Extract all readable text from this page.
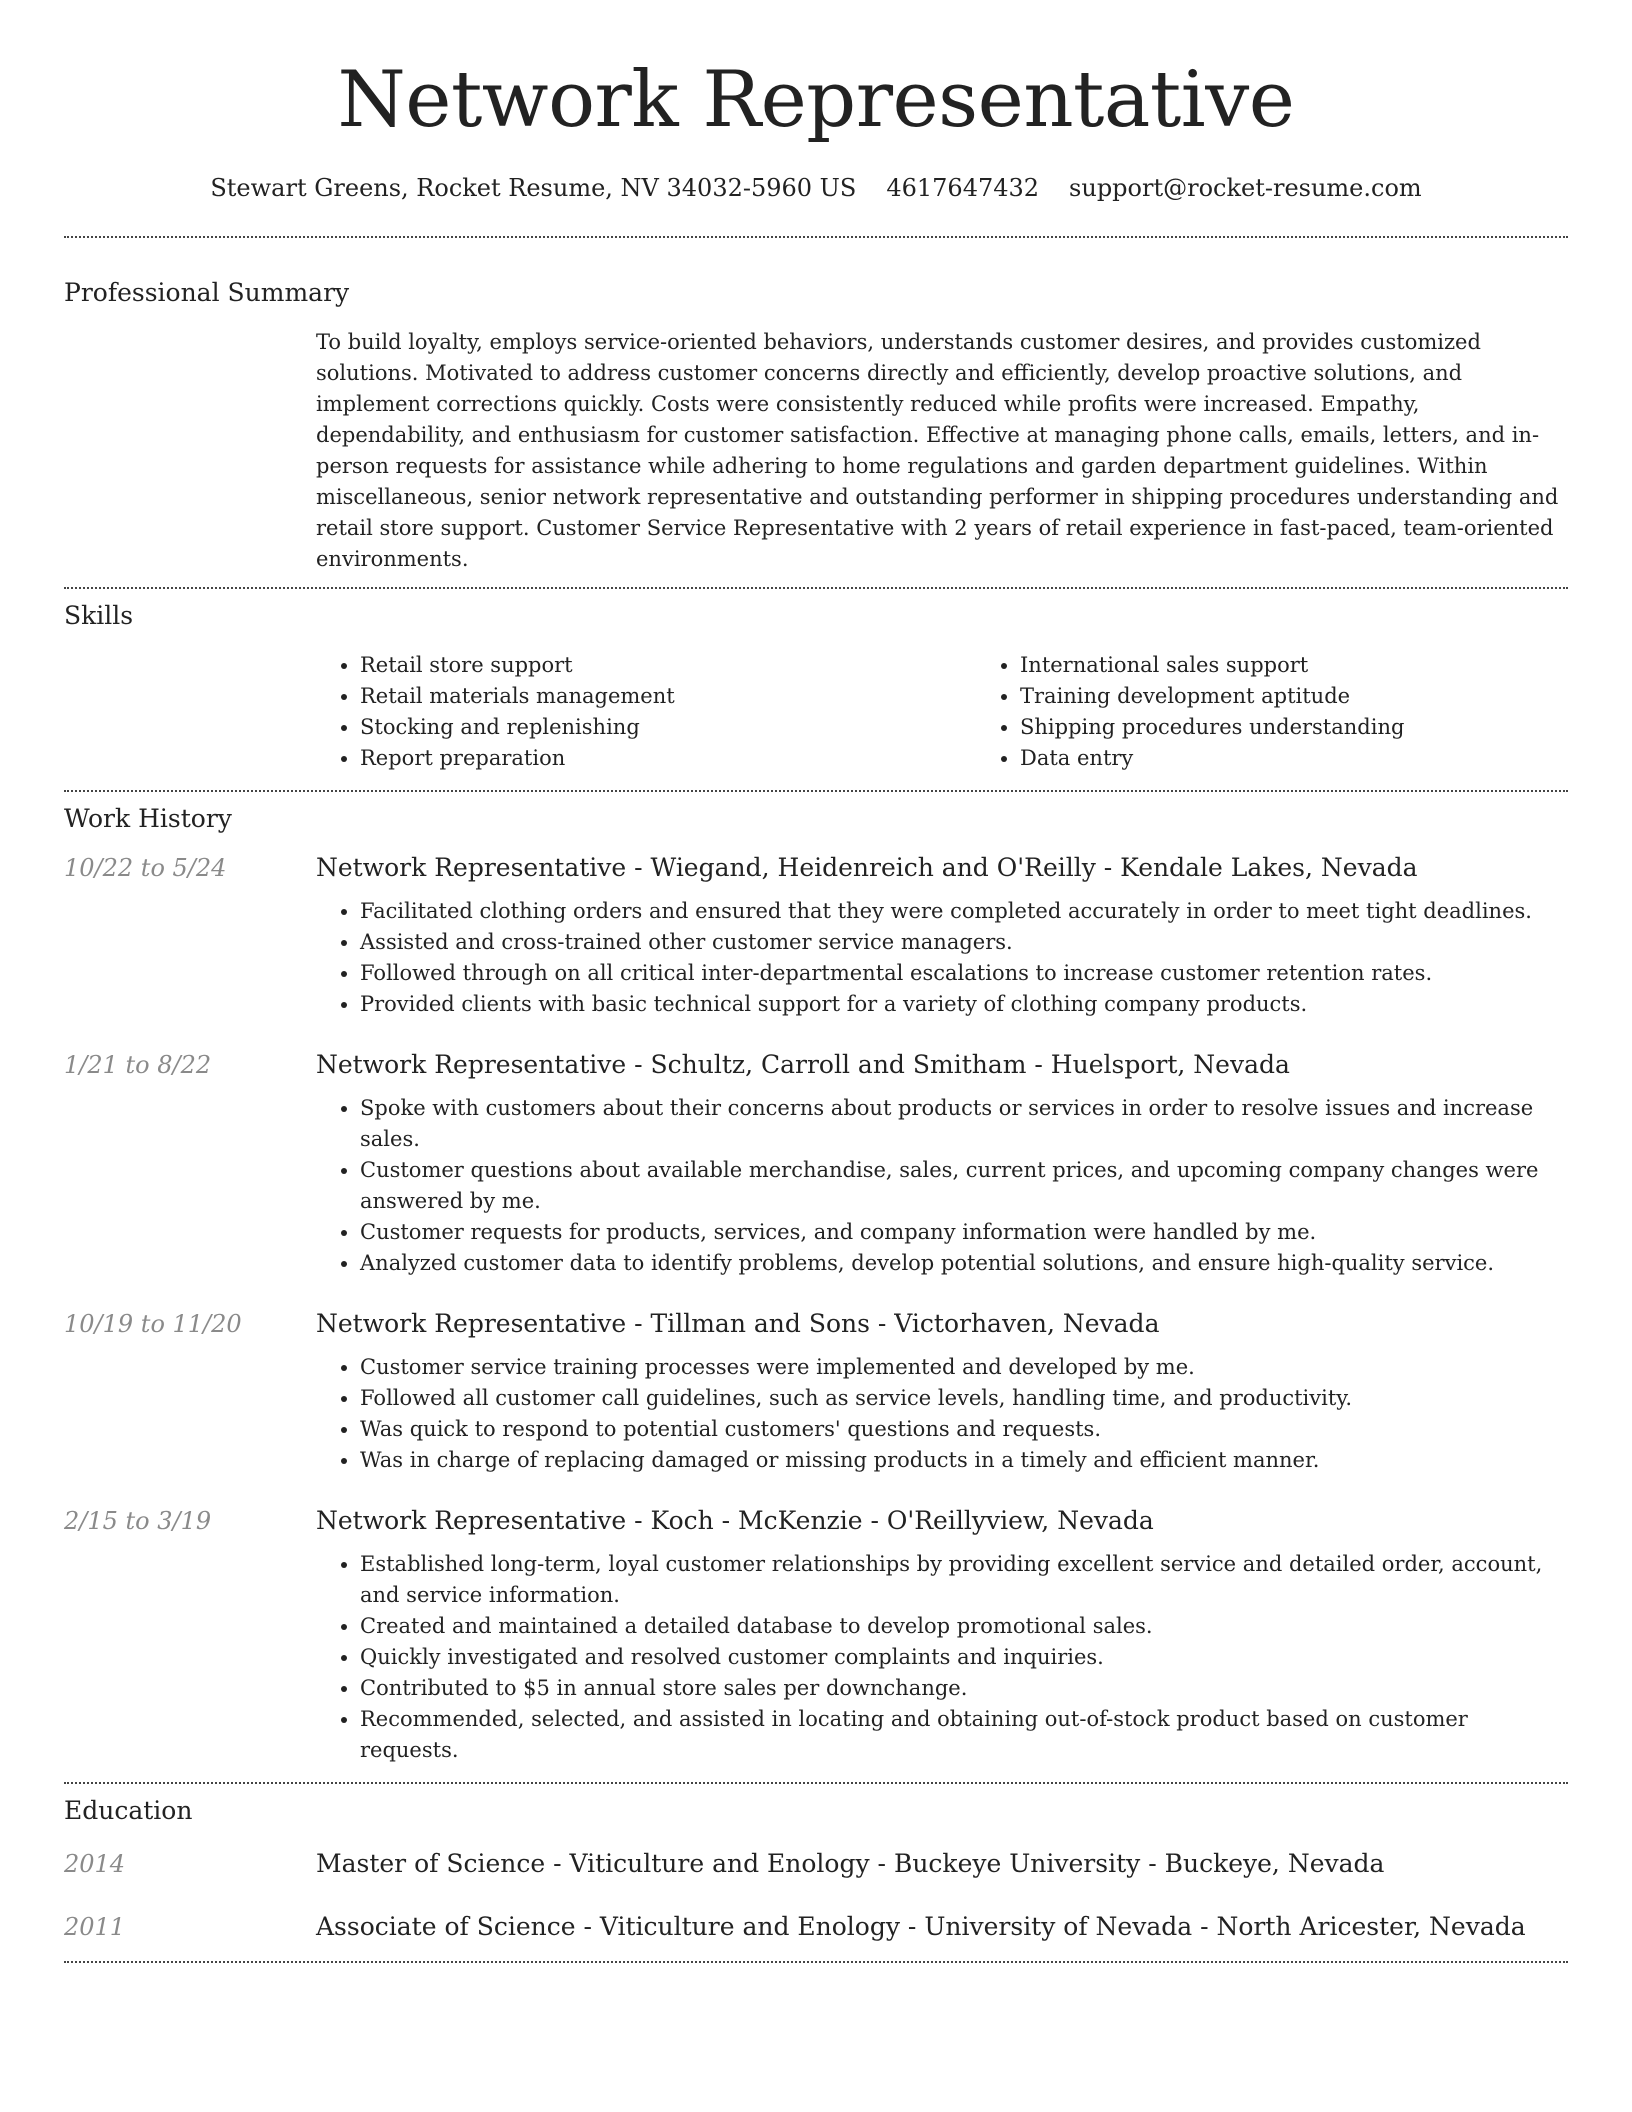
Network Representative
Stewart Greens, Rocket Resume, NV 34032-5960 US 4617647432 support@rocket-resume.com
Professional Summary

To build loyalty, employs service-oriented behaviors, understands customer desires, and provides customized solutions. Motivated to address customer concerns directly and efficiently, develop proactive solutions, and implement corrections quickly. Costs were consistently reduced while profits were increased. Empathy, dependability, and enthusiasm for customer satisfaction. Effective at managing phone calls, emails, letters, and in-person requests for assistance while adhering to home regulations and garden department guidelines. Within miscellaneous, senior network representative and outstanding performer in shipping procedures understanding and retail store support. Customer Service Representative with 2 years of retail experience in fast-paced, team-oriented environments.

Skills
• Retail store support
• Retail materials management
• Stocking and replenishing
• Report preparation
• International sales support
• Training development aptitude
• Shipping procedures understanding
• Data entry
Work History
10/22 to 5/24	Network Representative - Wiegand, Heidenreich and O'Reilly - Kendale Lakes, Nevada
• Facilitated clothing orders and ensured that they were completed accurately in order to meet tight deadlines.
• Assisted and cross-trained other customer service managers.
• Followed through on all critical inter-departmental escalations to increase customer retention rates.
• Provided clients with basic technical support for a variety of clothing company products.
1/21 to 8/22	Network Representative - Schultz, Carroll and Smitham - Huelsport, Nevada
• Spoke with customers about their concerns about products or services in order to resolve issues and increase sales.
• Customer questions about available merchandise, sales, current prices, and upcoming company changes were answered by me.
• Customer requests for products, services, and company information were handled by me.
• Analyzed customer data to identify problems, develop potential solutions, and ensure high-quality service.
10/19 to 11/20	Network Representative - Tillman and Sons - Victorhaven, Nevada
• Customer service training processes were implemented and developed by me.
• Followed all customer call guidelines, such as service levels, handling time, and productivity.
• Was quick to respond to potential customers' questions and requests.
• Was in charge of replacing damaged or missing products in a timely and efficient manner.
2/15 to 3/19	Network Representative - Koch - McKenzie - O'Reillyview, Nevada
• Established long-term, loyal customer relationships by providing excellent service and detailed order, account, and service information.
• Created and maintained a detailed database to develop promotional sales.
• Quickly investigated and resolved customer complaints and inquiries.
• Contributed to $5 in annual store sales per downchange.
• Recommended, selected, and assisted in locating and obtaining out-of-stock product based on customer requests.
Education
2014	Master of Science - Viticulture and Enology - Buckeye University - Buckeye, Nevada
2011	Associate of Science - Viticulture and Enology - University of Nevada - North Aricester, Nevada
